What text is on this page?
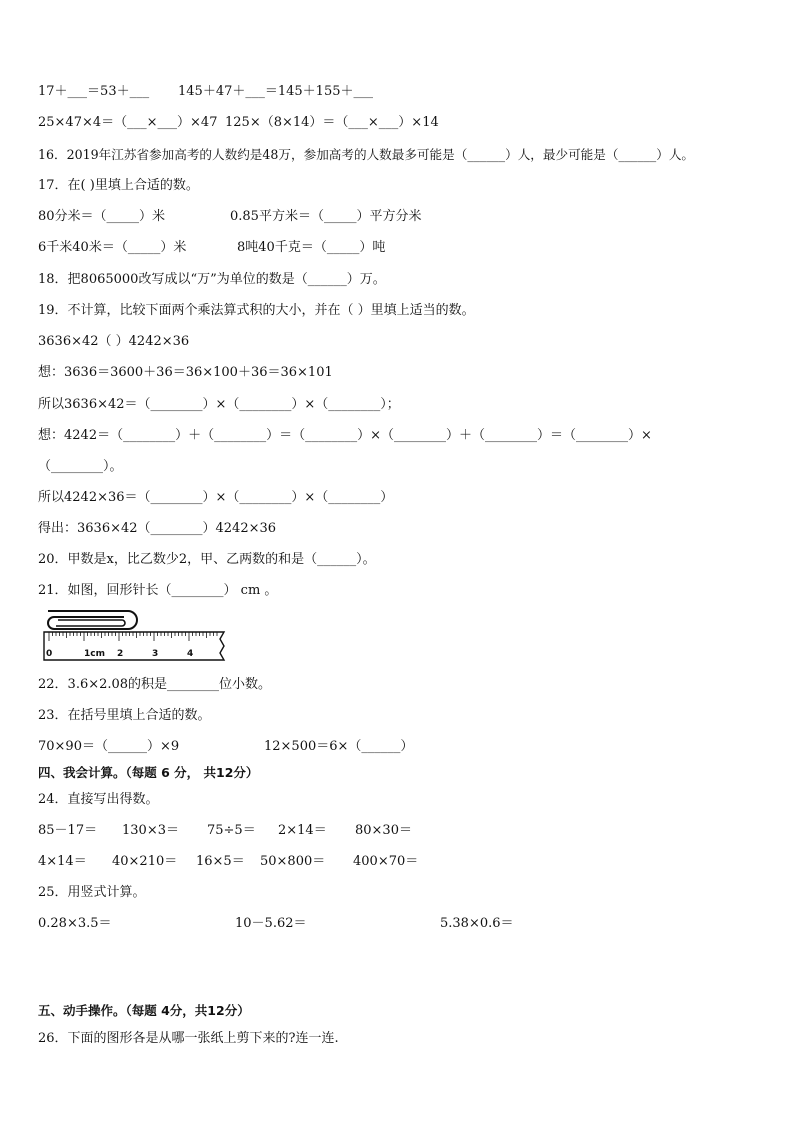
17＋___＝53＋___ 145＋47＋___＝145＋155＋___
25×47×4＝（___×___）×47 125×（8×14）＝（___×___）×14
16．2019年江苏省参加高考的人数约是48万，参加高考的人数最多可能是（______）人，最少可能是（______）人。
17．在( )里填上合适的数。
80分米＝（_____）米	0.85平方米＝（_____）平方分米
6千米40米＝（_____）米	8吨40千克＝（_____）吨
18．把8065000改写成以“万”为单位的数是（______）万。
19．不计算，比较下面两个乘法算式积的大小，并在（ ）里填上适当的数。
3636×42（ ）4242×36
想：3636＝3600＋36＝36×100＋36＝36×101
所以3636×42＝（________）×（________）×（________）；
想：4242＝（________）＋（________）＝（________）×（________）＋（________）＝（________）×
（________）。
所以4242×36＝（________）×（________）×（________）
得出：3636×42（________）4242×36
20．甲数是x，比乙数少2，甲、乙两数的和是（______）。
21．如图，回形针长（________） cm 。
0	1cm 2	3	4
22．3.6×2.08的积是________位小数。
23．在括号里填上合适的数。
70×90＝（______）×9	12×500＝6×（______）
四、我会计算。（每题 6 分， 共12分）
24．直接写出得数。
85－17＝ 130×3＝ 75÷5＝ 2×14＝ 80×30＝
4×14＝ 40×210＝ 16×5＝ 50×800＝ 400×70＝
25．用竖式计算。
0.28×3.5＝	10－5.62＝	5.38×0.6＝
五、动手操作。（每题 4分，共12分）
26．下面的图形各是从哪一张纸上剪下来的?连一连.
